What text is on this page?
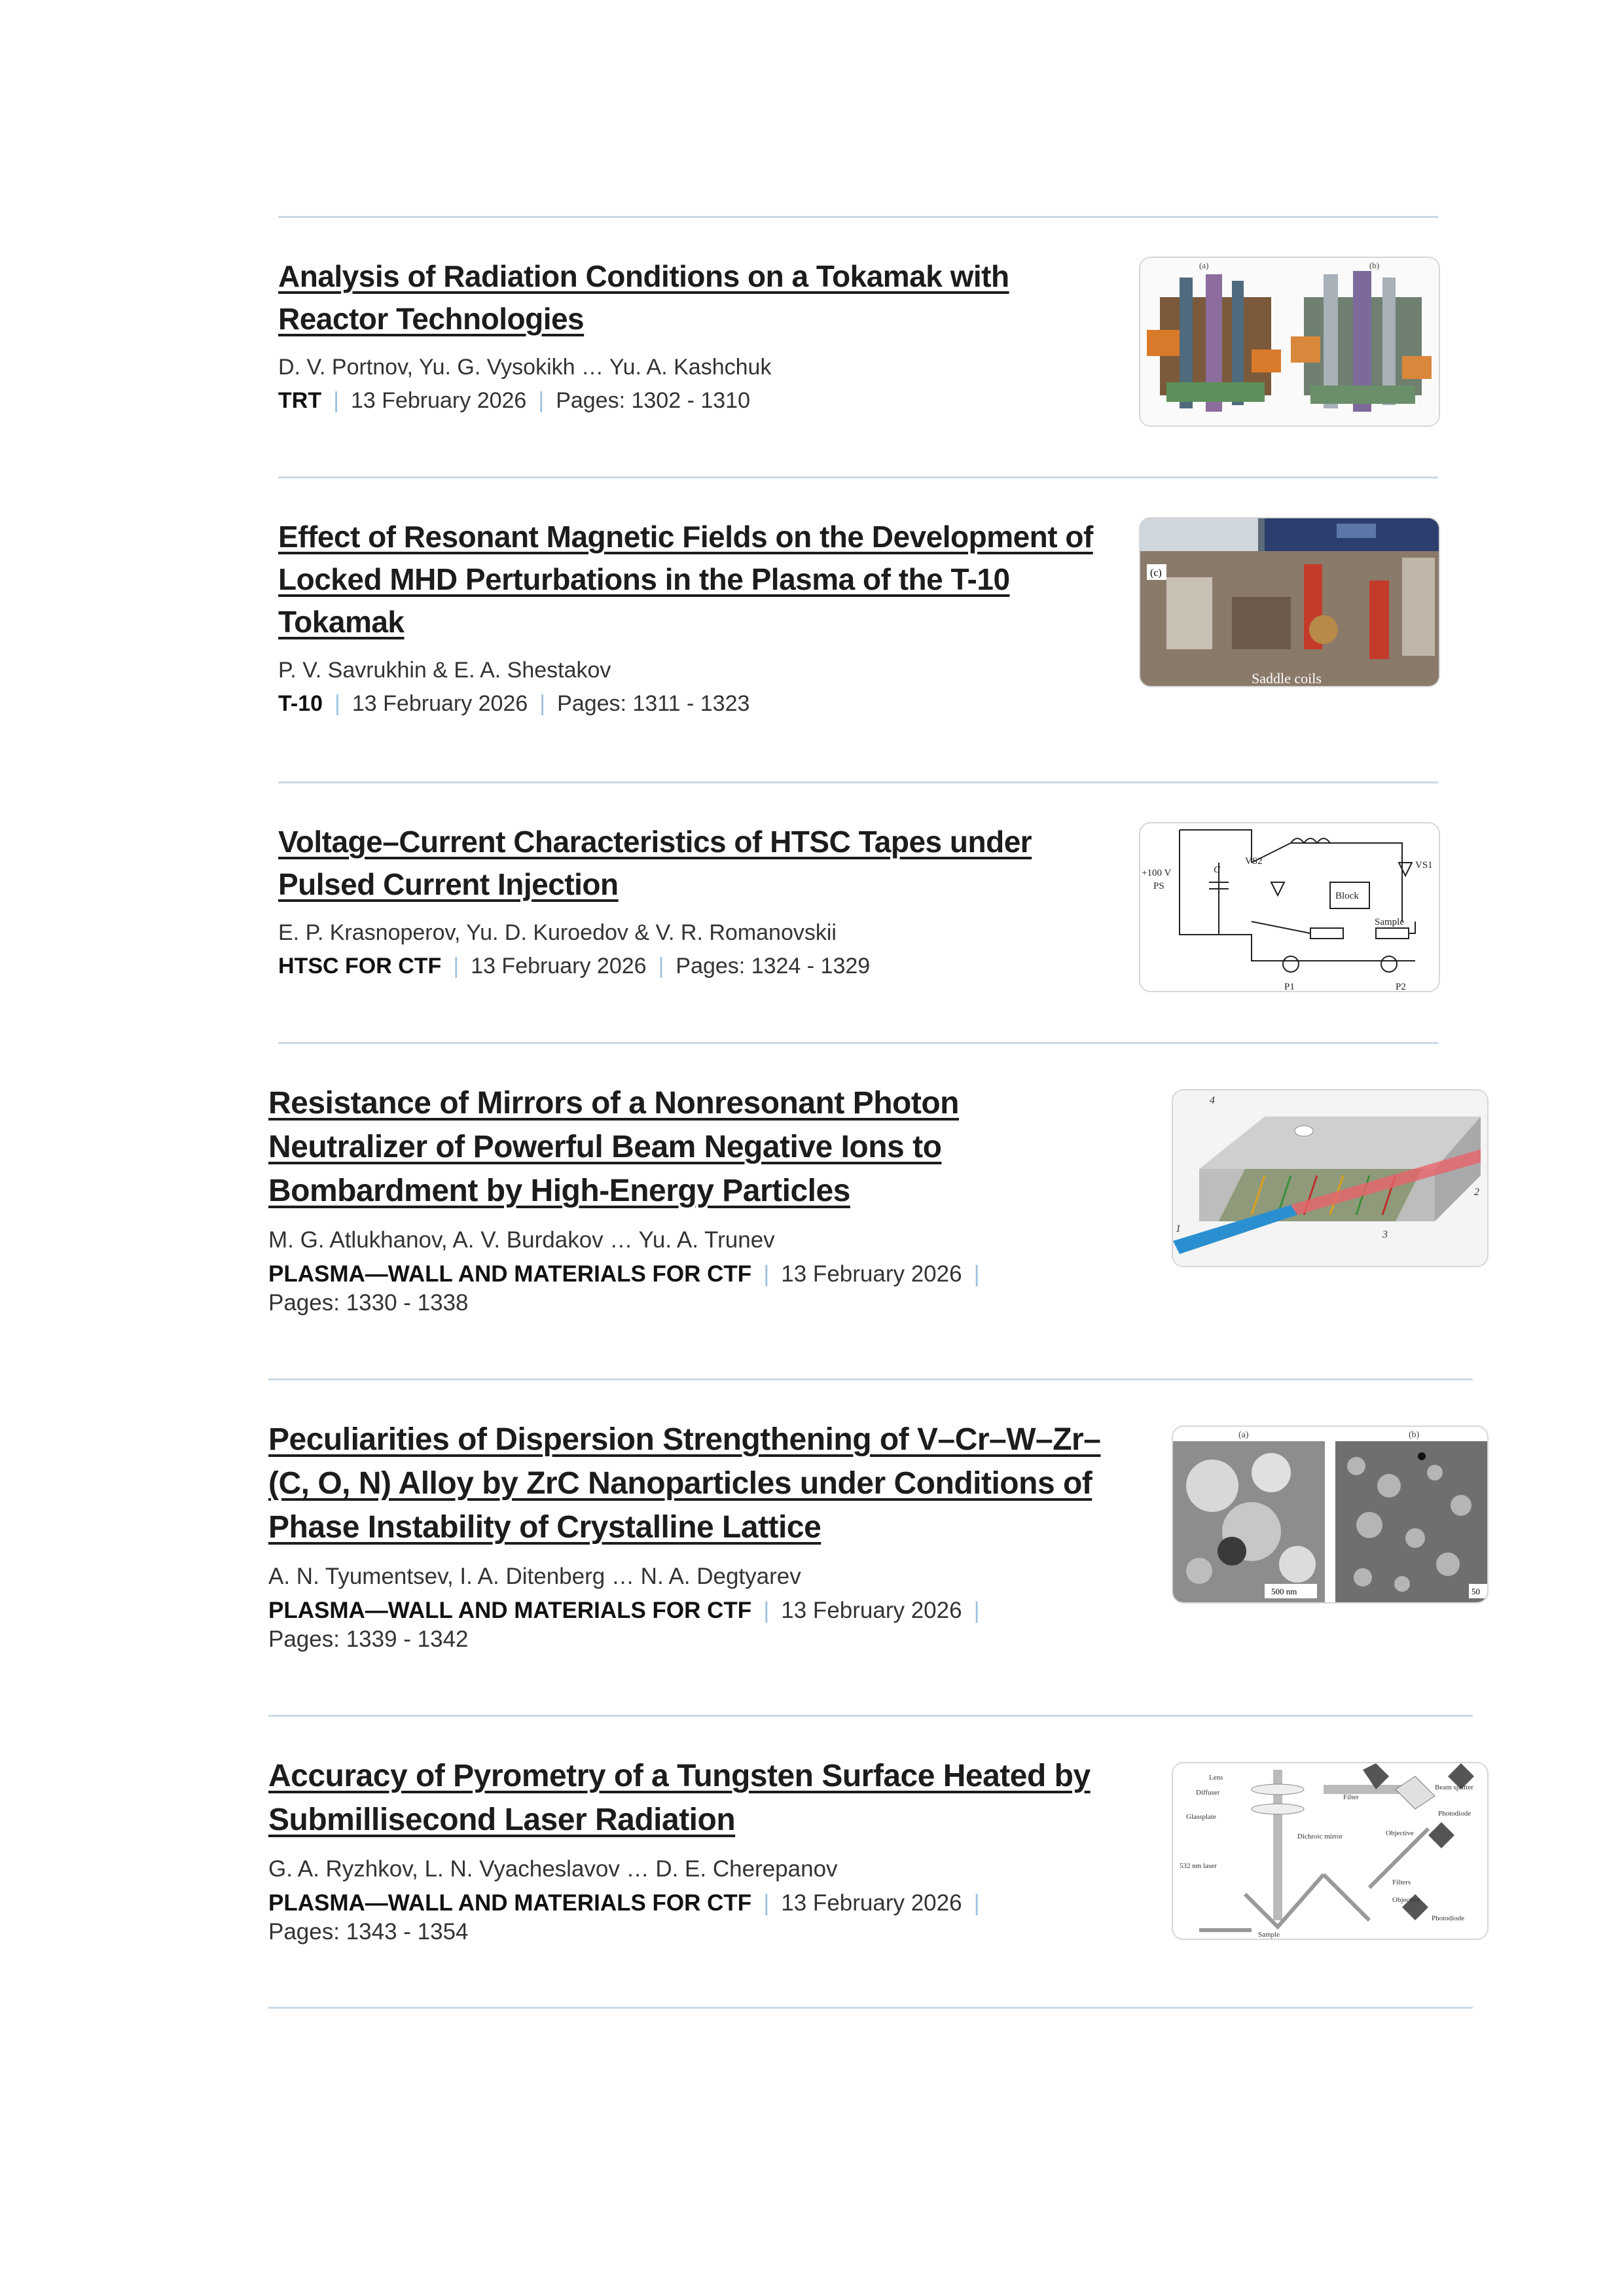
Analysis of Radiation Conditions on a Tokamak with Reactor Technologies

D. V. Portnov, Yu. G. Vysokikh … Yu. A. Kashchuk

TRT | 13 February 2026 | Pages: 1302 - 1310

(a)	(b)
Effect of Resonant Magnetic Fields on the Development of Locked MHD Perturbations in the Plasma of the T-10 Tokamak

P. V. Savrukhin & E. A. Shestakov

T-10 | 13 February 2026 | Pages: 1311 - 1323

(c)
Saddle coils
Voltage–Current Characteristics of HTSC Tapes under Pulsed Current Injection

E. P. Krasnoperov, Yu. D. Kuroedov & V. R. Romanovskii

HTSC FOR CTF | 13 February 2026 | Pages: 1324 - 1329

+100 V
PS
C
VS2	VS1
Block
Sample
P1	P2
Resistance of Mirrors of a Nonresonant Photon Neutralizer of Powerful Beam Negative Ions to Bombardment by High-Energy Particles

M. G. Atlukhanov, A. V. Burdakov … Yu. A. Trunev

PLASMA—WALL AND MATERIALS FOR CTF | 13 February 2026 |
Pages: 1330 - 1338

1
2
3
4
Peculiarities of Dispersion Strengthening of V–Cr–W–Zr–(C, O, N) Alloy by ZrC Nanoparticles under Conditions of Phase Instability of Crystalline Lattice

A. N. Tyumentsev, I. A. Ditenberg … N. A. Degtyarev

PLASMA—WALL AND MATERIALS FOR CTF | 13 February 2026 |
Pages: 1339 - 1342

(a)	(b)
500 nm	50
Accuracy of Pyrometry of a Tungsten Surface Heated by Submillisecond Laser Radiation

G. A. Ryzhkov, L. N. Vyacheslavov … D. E. Cherepanov

PLASMA—WALL AND MATERIALS FOR CTF | 13 February 2026 |
Pages: 1343 - 1354

Lens
Diffuser
Glassplate
532 nm laser
Sample
Filter
Beam splitter
Photodiode
Dichroic mirror	Objective
Filters
Objective
Photodiode
